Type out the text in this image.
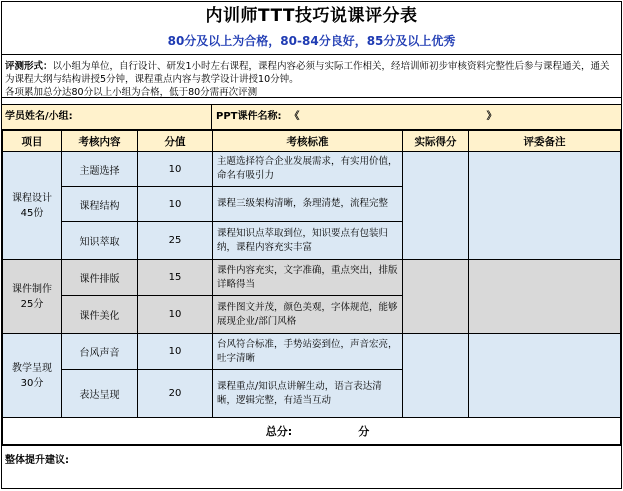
内训师TTT技巧说课评分表
80分及以上为合格，80-84分良好，85分及以上优秀
评测形式：以小组为单位，自行设计、研发1小时左右课程，课程内容必须与实际工作相关，经培训师初步审核资料完整性后参与课程通关，通关为课程大纲与结构讲授5分钟，课程重点内容与教学设计讲授10分钟。
各项累加总分达80分以上小组为合格，低于80分需再次评测
学员姓名/小组:	PPT课件名称: 《	》
项目	考核内容	分值	考核标准	实际得分	评委备注
课程设计
45份	主题选择	10	主题选择符合企业发展需求，有实用价值，命名有吸引力		
	课程结构	10	课程三级架构清晰，条理清楚，流程完整		
	知识萃取	25	课程知识点萃取到位，知识要点有包装归纳，课程内容充实丰富		
课件制作
25分	课件排版	15	课件内容充实，文字准确，重点突出，排版详略得当		
	课件美化	10	课件图文并茂，颜色美观，字体规范，能够展现企业/部门风格		
教学呈现
30分	台风声音	10	台风符合标准，手势站姿到位，声音宏亮，吐字清晰		
	表达呈现	20	课程重点/知识点讲解生动，语言表达清晰，逻辑完整，有适当互动		

总分: 分					
整体提升建议:
